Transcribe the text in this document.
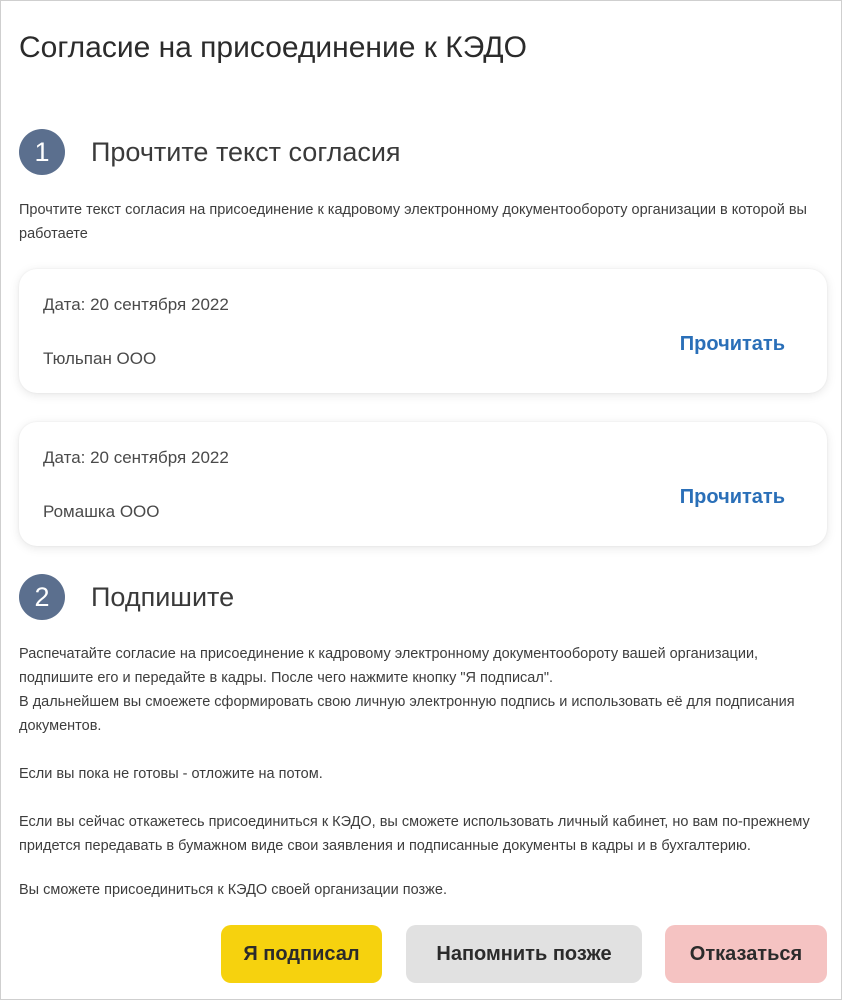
Согласие на присоединение к КЭДО
1	Прочтите текст согласия

Прочтите текст согласия на присоединение к кадровому электронному документообороту организации в которой вы работаете

Дата: 20 сентября 2022
Тюльпан ООО
Прочитать
Дата: 20 сентября 2022
Ромашка ООО
Прочитать
2	Подпишите

Распечатайте согласие на присоединение к кадровому электронному документообороту вашей организации, подпишите его и передайте в кадры. После чего нажмите кнопку "Я подписал".

В дальнейшем вы смоежете сформировать свою личную электронную подпись и использовать её для подписания документов.

Если вы пока не готовы - отложите на потом.

Если вы сейчас откажетесь присоединиться к КЭДО, вы сможете использовать личный кабинет, но вам по-прежнему придется передавать в бумажном виде свои заявления и подписанные документы в кадры и в бухгалтерию.

Вы сможете присоединиться к КЭДО своей организации позже.

Я подписал	Напомнить позже	Отказаться
